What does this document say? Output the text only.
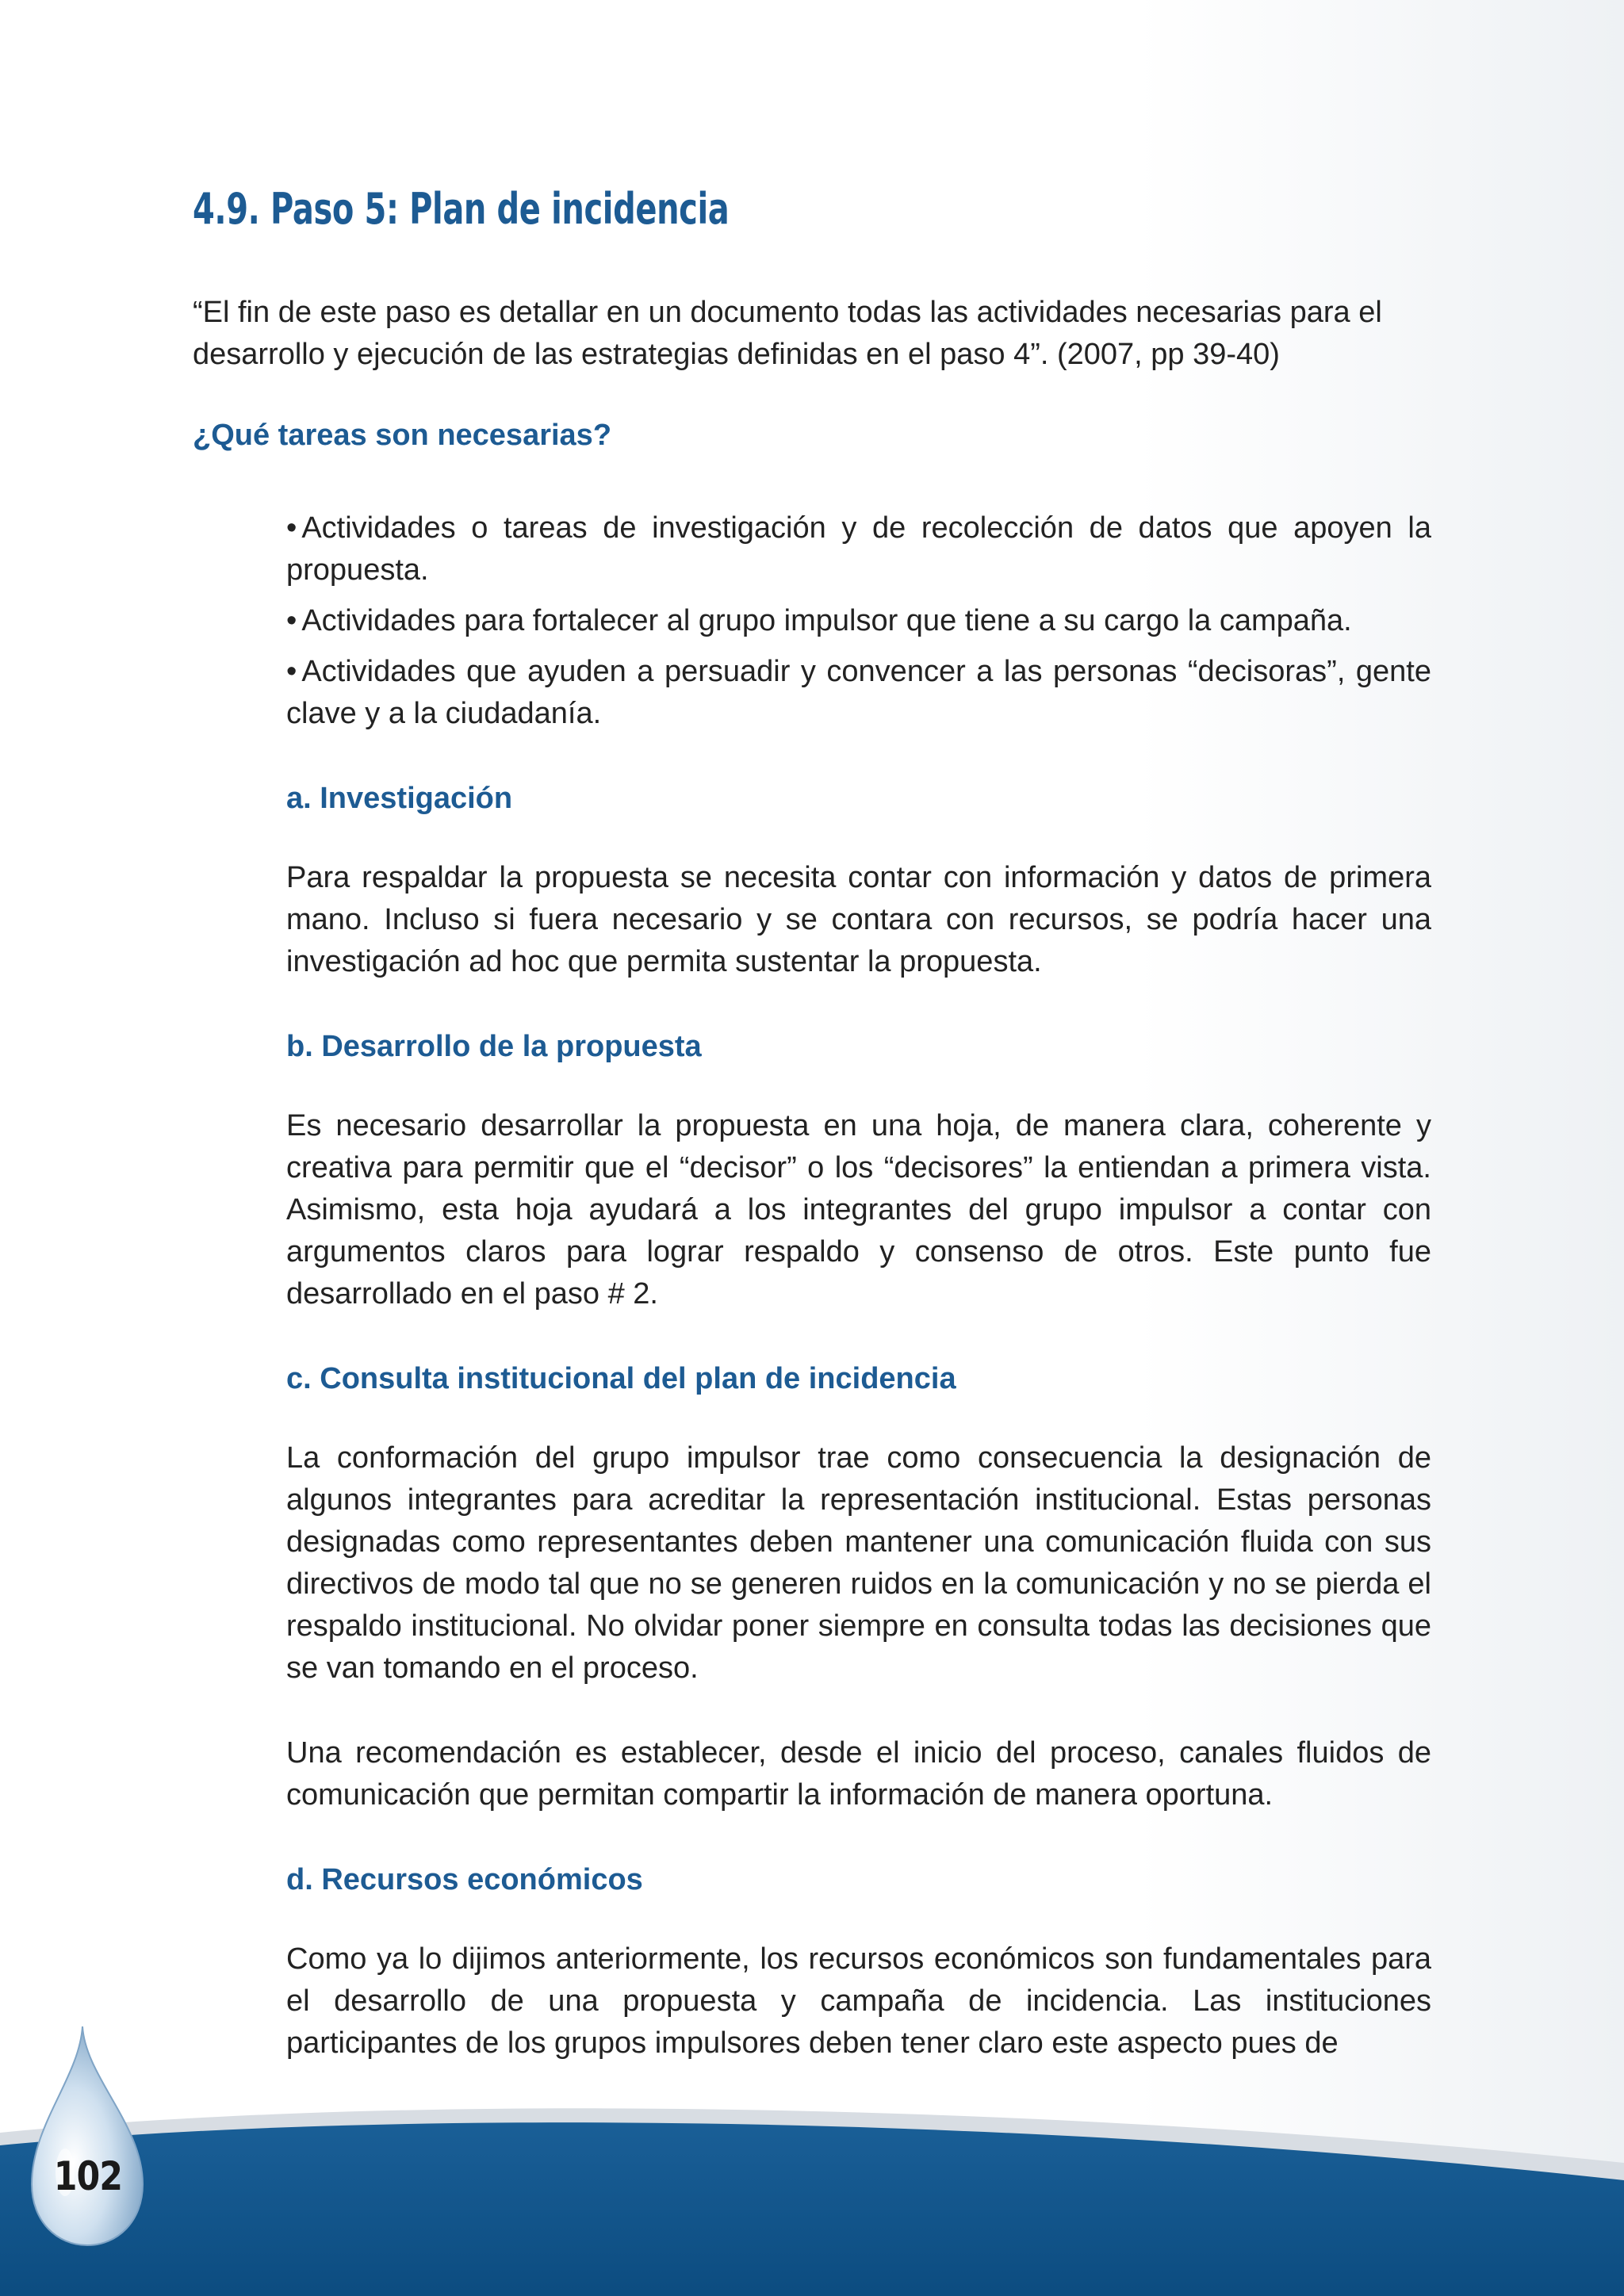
4.9. Paso 5: Plan de incidencia

“El fin de este paso es detallar en un documento todas las actividades necesarias para el desarrollo y ejecución de las estrategias definidas en el paso 4”. (2007, pp 39-40)

¿Qué tareas son necesarias?
• Actividades o tareas de investigación y de recolección de datos que apoyen la propuesta.
• Actividades para fortalecer al grupo impulsor que tiene a su cargo la campaña.
• Actividades que ayuden a persuadir y convencer a las personas “decisoras”, gente clave y a la ciudadanía.
a. Investigación

Para respaldar la propuesta se necesita contar con información y datos de primera mano. Incluso si fuera necesario y se contara con recursos, se podría hacer una investigación ad hoc que permita sustentar la propuesta.

b. Desarrollo de la propuesta

Es necesario desarrollar la propuesta en una hoja, de manera clara, coherente y creativa para permitir que el “decisor” o los “decisores” la entiendan a primera vista. Asimismo, esta hoja ayudará a los integrantes del grupo impulsor a contar con argumentos claros para lograr respaldo y consenso de otros. Este punto fue desarrollado en el paso # 2.

c. Consulta institucional del plan de incidencia

La conformación del grupo impulsor trae como consecuencia la designación de algunos integrantes para acreditar la representación institucional. Estas personas designadas como representantes deben mantener una comunicación fluida con sus directivos de modo tal que no se generen ruidos en la comunicación y no se pierda el respaldo institucional. No olvidar poner siempre en consulta todas las decisiones que se van tomando en el proceso.

Una recomendación es establecer, desde el inicio del proceso, canales fluidos de comunicación que permitan compartir la información de manera oportuna.

d. Recursos económicos

Como ya lo dijimos anteriormente, los recursos económicos son fundamentales para el desarrollo de una propuesta y campaña de incidencia. Las instituciones participantes de los grupos impulsores deben tener claro este aspecto pues de

102
